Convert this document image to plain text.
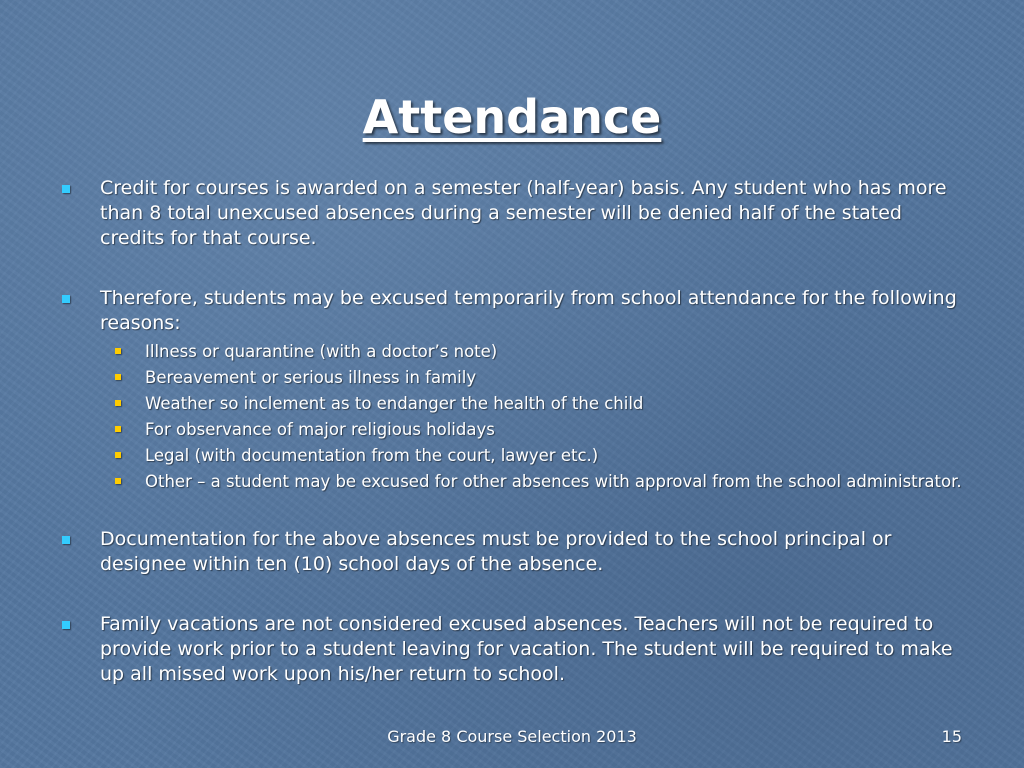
Attendance
Credit for courses is awarded on a semester (half-year) basis. Any student who has more than 8 total unexcused absences during a semester will be denied half of the stated credits for that course.
Therefore, students may be excused temporarily from school attendance for the following reasons:
Illness or quarantine (with a doctor’s note)
Bereavement or serious illness in family
Weather so inclement as to endanger the health of the child
For observance of major religious holidays
Legal (with documentation from the court, lawyer etc.)
Other – a student may be excused for other absences with approval from the school administrator.
Documentation for the above absences must be provided to the school principal or designee within ten (10) school days of the absence.
Family vacations are not considered excused absences. Teachers will not be required to provide work prior to a student leaving for vacation. The student will be required to make up all missed work upon his/her return to school.
Grade 8 Course Selection 2013	15
